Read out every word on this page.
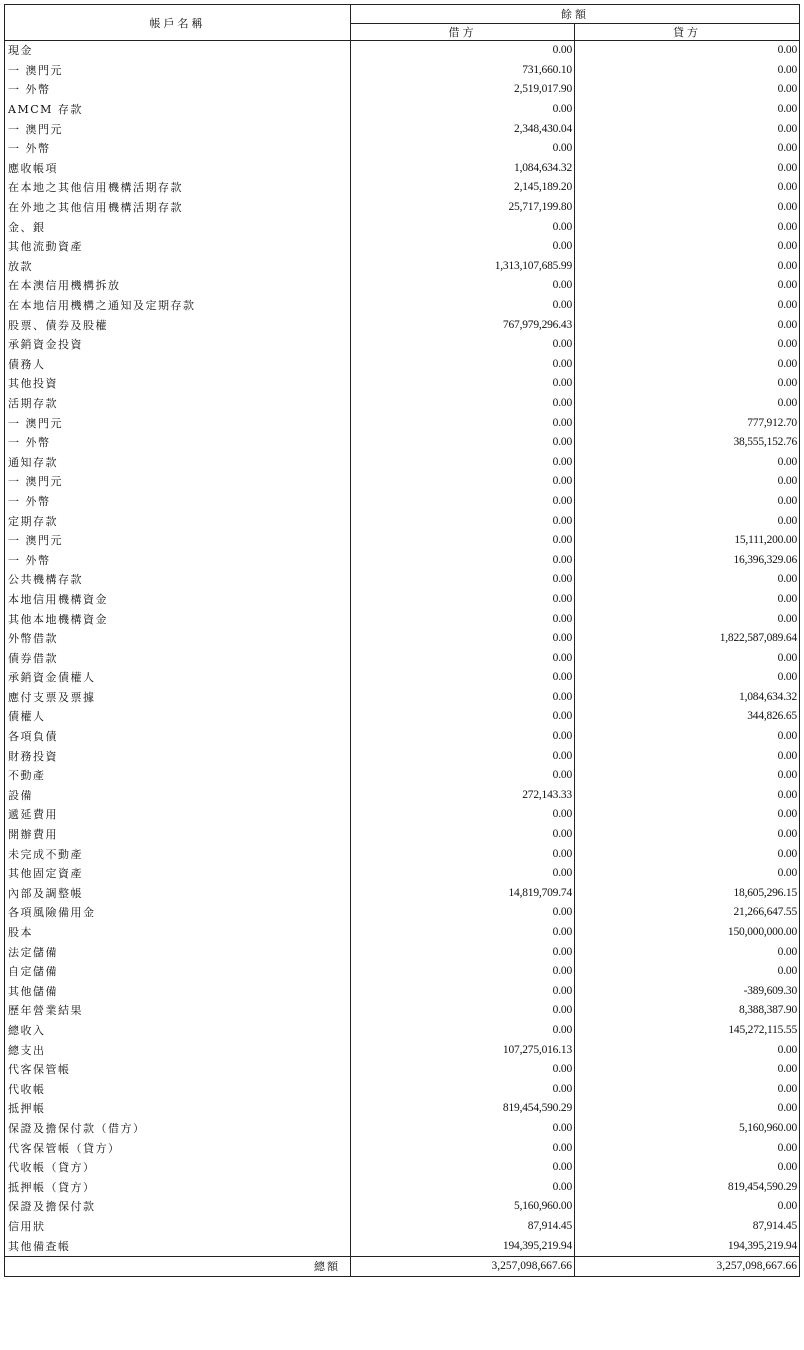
帳戶名稱	餘額	
	借方	貸方
現金	0.00	0.00
一 澳門元	731,660.10	0.00
一 外幣	2,519,017.90	0.00
AMCM 存款	0.00	0.00
一 澳門元	2,348,430.04	0.00
一 外幣	0.00	0.00
應收帳項	1,084,634.32	0.00
在本地之其他信用機構活期存款	2,145,189.20	0.00
在外地之其他信用機構活期存款	25,717,199.80	0.00
金、銀	0.00	0.00
其他流動資產	0.00	0.00
放款	1,313,107,685.99	0.00
在本澳信用機構拆放	0.00	0.00
在本地信用機構之通知及定期存款	0.00	0.00
股票、債券及股權	767,979,296.43	0.00
承銷資金投資	0.00	0.00
債務人	0.00	0.00
其他投資	0.00	0.00
活期存款	0.00	0.00
一 澳門元	0.00	777,912.70
一 外幣	0.00	38,555,152.76
通知存款	0.00	0.00
一 澳門元	0.00	0.00
一 外幣	0.00	0.00
定期存款	0.00	0.00
一 澳門元	0.00	15,111,200.00
一 外幣	0.00	16,396,329.06
公共機構存款	0.00	0.00
本地信用機構資金	0.00	0.00
其他本地機構資金	0.00	0.00
外幣借款	0.00	1,822,587,089.64
債券借款	0.00	0.00
承銷資金債權人	0.00	0.00
應付支票及票據	0.00	1,084,634.32
債權人	0.00	344,826.65
各項負債	0.00	0.00
財務投資	0.00	0.00
不動產	0.00	0.00
設備	272,143.33	0.00
遞延費用	0.00	0.00
開辦費用	0.00	0.00
未完成不動產	0.00	0.00
其他固定資產	0.00	0.00
內部及調整帳	14,819,709.74	18,605,296.15
各項風險備用金	0.00	21,266,647.55
股本	0.00	150,000,000.00
法定儲備	0.00	0.00
自定儲備	0.00	0.00
其他儲備	0.00	-389,609.30
歷年營業結果	0.00	8,388,387.90
總收入	0.00	145,272,115.55
總支出	107,275,016.13	0.00
代客保管帳	0.00	0.00
代收帳	0.00	0.00
抵押帳	819,454,590.29	0.00
保證及擔保付款（借方）	0.00	5,160,960.00
代客保管帳（貸方）	0.00	0.00
代收帳（貸方）	0.00	0.00
抵押帳（貸方）	0.00	819,454,590.29
保證及擔保付款	5,160,960.00	0.00
信用狀	87,914.45	87,914.45
其他備查帳	194,395,219.94	194,395,219.94
總額	3,257,098,667.66	3,257,098,667.66
